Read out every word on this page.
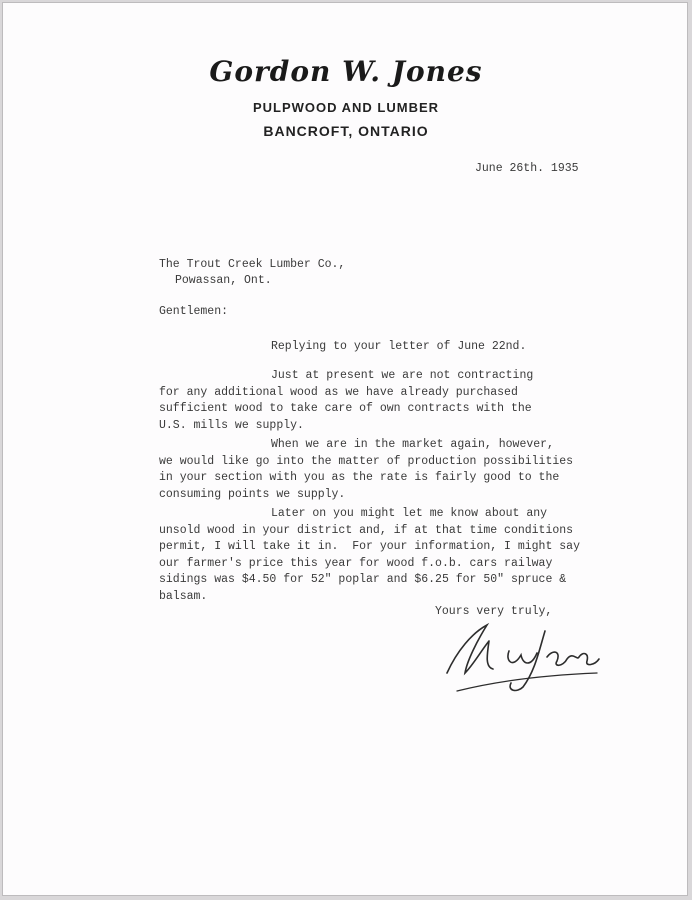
Gordon W. Jones
PULPWOOD AND LUMBER
BANCROFT, ONTARIO
June 26th. 1935
The Trout Creek Lumber Co.,
Powassan, Ont.
Gentlemen:
Replying to your letter of June 22nd.
Just at present we are not contracting
for any additional wood as we have already purchased
sufficient wood to take care of own contracts with the
U.S. mills we supply.
When we are in the market again, however,
we would like go into the matter of production possibilities
in your section with you as the rate is fairly good to the
consuming points we supply.
Later on you might let me know about any
unsold wood in your district and, if at that time conditions
permit, I will take it in.  For your information, I might say
our farmer's price this year for wood f.o.b. cars railway
sidings was $4.50 for 52" poplar and $6.25 for 50" spruce &
balsam.
Yours very truly,
